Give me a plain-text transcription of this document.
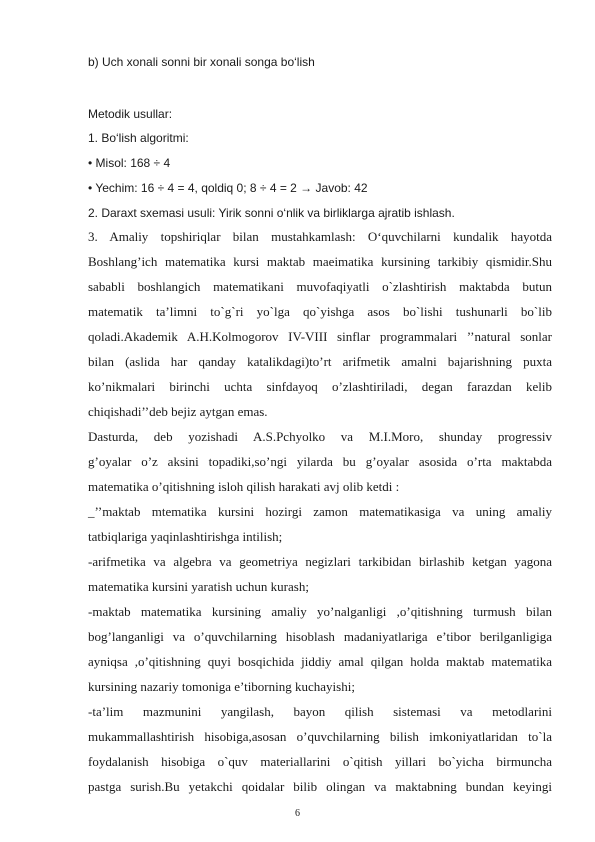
b) Uch xonali sonni bir xonali songa bo‘lish
Metodik usullar:
1. Bo‘lish algoritmi:
• Misol: 168 ÷ 4
• Yechim: 16 ÷ 4 = 4, qoldiq 0; 8 ÷ 4 = 2 → Javob: 42
2. Daraxt sxemasi usuli: Yirik sonni o‘nlik va birliklarga ajratib ishlash.
3. Amaliy topshiriqlar bilan mustahkamlash: O‘quvchilarni kundalik hayotda
Boshlang’ich matematika kursi maktab maeimatika kursining tarkibiy qismidir.Shu
sababli boshlangich matematikani muvofaqiyatli o`zlashtirish maktabda butun
matematik ta’limni to`g`ri yo`lga qo`yishga asos bo`lishi tushunarli bo`lib
qoladi.Akademik A.H.Kolmogorov IV-VIII sinflar programmalari ’’natural sonlar
bilan (aslida har qanday katalikdagi)to’rt arifmetik amalni bajarishning puxta
ko’nikmalari birinchi uchta sinfdayoq o’zlashtiriladi, degan farazdan kelib
chiqishadi’’deb bejiz aytgan emas.
Dasturda, deb yozishadi A.S.Pchyolko va M.I.Moro, shunday progressiv
g’oyalar o’z aksini topadiki,so’ngi yilarda bu g’oyalar asosida o’rta maktabda
matematika o’qitishning isloh qilish harakati avj olib ketdi :
_’’maktab mtematika kursini hozirgi zamon matematikasiga va uning amaliy
tatbiqlariga yaqinlashtirishga intilish;
-arifmetika va algebra va geometriya negizlari tarkibidan birlashib ketgan yagona
matematika kursini yaratish uchun kurash;
-maktab matematika kursining amaliy yo’nalganligi ,o’qitishning turmush bilan
bog’langanligi va o’quvchilarning hisoblash madaniyatlariga e’tibor berilganligiga
ayniqsa ,o’qitishning quyi bosqichida jiddiy amal qilgan holda maktab matematika
kursining nazariy tomoniga e’tiborning kuchayishi;
-ta’lim mazmunini yangilash, bayon qilish sistemasi va metodlarini
mukammallashtirish hisobiga,asosan o’quvchilarning bilish imkoniyatlaridan to`la
foydalanish hisobiga o`quv materiallarini o`qitish yillari bo`yicha birmuncha
pastga surish.Bu yetakchi qoidalar bilib olingan va maktabning bundan keyingi
6
